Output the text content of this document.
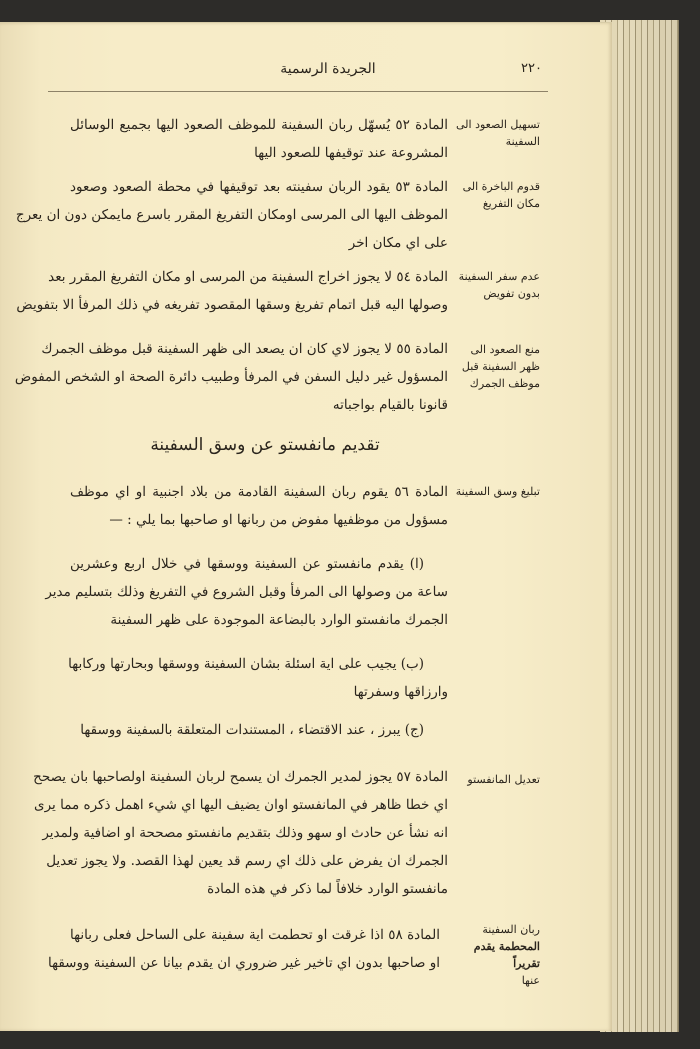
٢٢٠
الجريدة الرسمية
تسهيل الصعود الى
السفينة
المادة ٥٢ يُسهّل ربان السفينة للموظف الصعود اليها بجميع الوسائل
المشروعة عند توقيفها للصعود اليها
قدوم الباخرة الى
مكان التفريغ
المادة ٥٣ يقود الربان سفينته بعد توقيفها في محطة الصعود وصعود
الموظف اليها الى المرسى اومكان التفريغ المقرر باسرع مايمكن دون ان يعرج
على اي مكان اخر
عدم سفر السفينة
بدون تفويض
المادة ٥٤ لا يجوز اخراج السفينة من المرسى او مكان التفريغ المقرر بعد
وصولها اليه قبل اتمام تفريغ وسقها المقصود تفريغه في ذلك المرفأ الا بتفويض
منع الصعود الى
ظهر السفينة قبل
موظف الجمرك
المادة ٥٥ لا يجوز لاي كان ان يصعد الى ظهر السفينة قبل موظف الجمرك
المسؤول غير دليل السفن في المرفأ وطبيب دائرة الصحة او الشخص المفوض
قانونا بالقيام بواجباته
تقديم مانفستو عن وسق السفينة
تبليغ وسق السفينة
المادة ٥٦ يقوم ربان السفينة القادمة من بلاد اجنبية او اي موظف
مسؤول من موظفيها مفوض من ربانها او صاحبها بما يلي : —
(ا) يقدم مانفستو عن السفينة ووسقها في خلال اربع وعشرين
ساعة من وصولها الى المرفأ وقبل الشروع في التفريغ وذلك بتسليم مدير
الجمرك مانفستو الوارد بالبضاعة الموجودة على ظهر السفينة
(ب) يجيب على اية اسئلة بشان السفينة ووسقها وبحارتها وركابها
وارزاقها وسفرتها
(ج) يبرز ، عند الاقتضاء ، المستندات المتعلقة بالسفينة ووسقها
تعديل المانفستو
المادة ٥٧ يجوز لمدير الجمرك ان يسمح لربان السفينة اولصاحبها بان يصحح
اي خطا ظاهر في المانفستو اوان يضيف اليها اي شيء اهمل ذكره مما يرى
انه نشأ عن حادث او سهو وذلك بتقديم مانفستو مصححة او اضافية ولمدير
الجمرك ان يفرض على ذلك اي رسم قد يعين لهذا القصد. ولا يجوز تعديل
مانفستو الوارد خلافاً لما ذكر في هذه المادة
ربان السفينة
المحطمة يقدم تقريراً
عنها
المادة ٥٨ اذا غرقت او تحطمت اية سفينة على الساحل فعلى ربانها
او صاحبها بدون اي تاخير غير ضروري ان يقدم بيانا عن السفينة ووسقها
